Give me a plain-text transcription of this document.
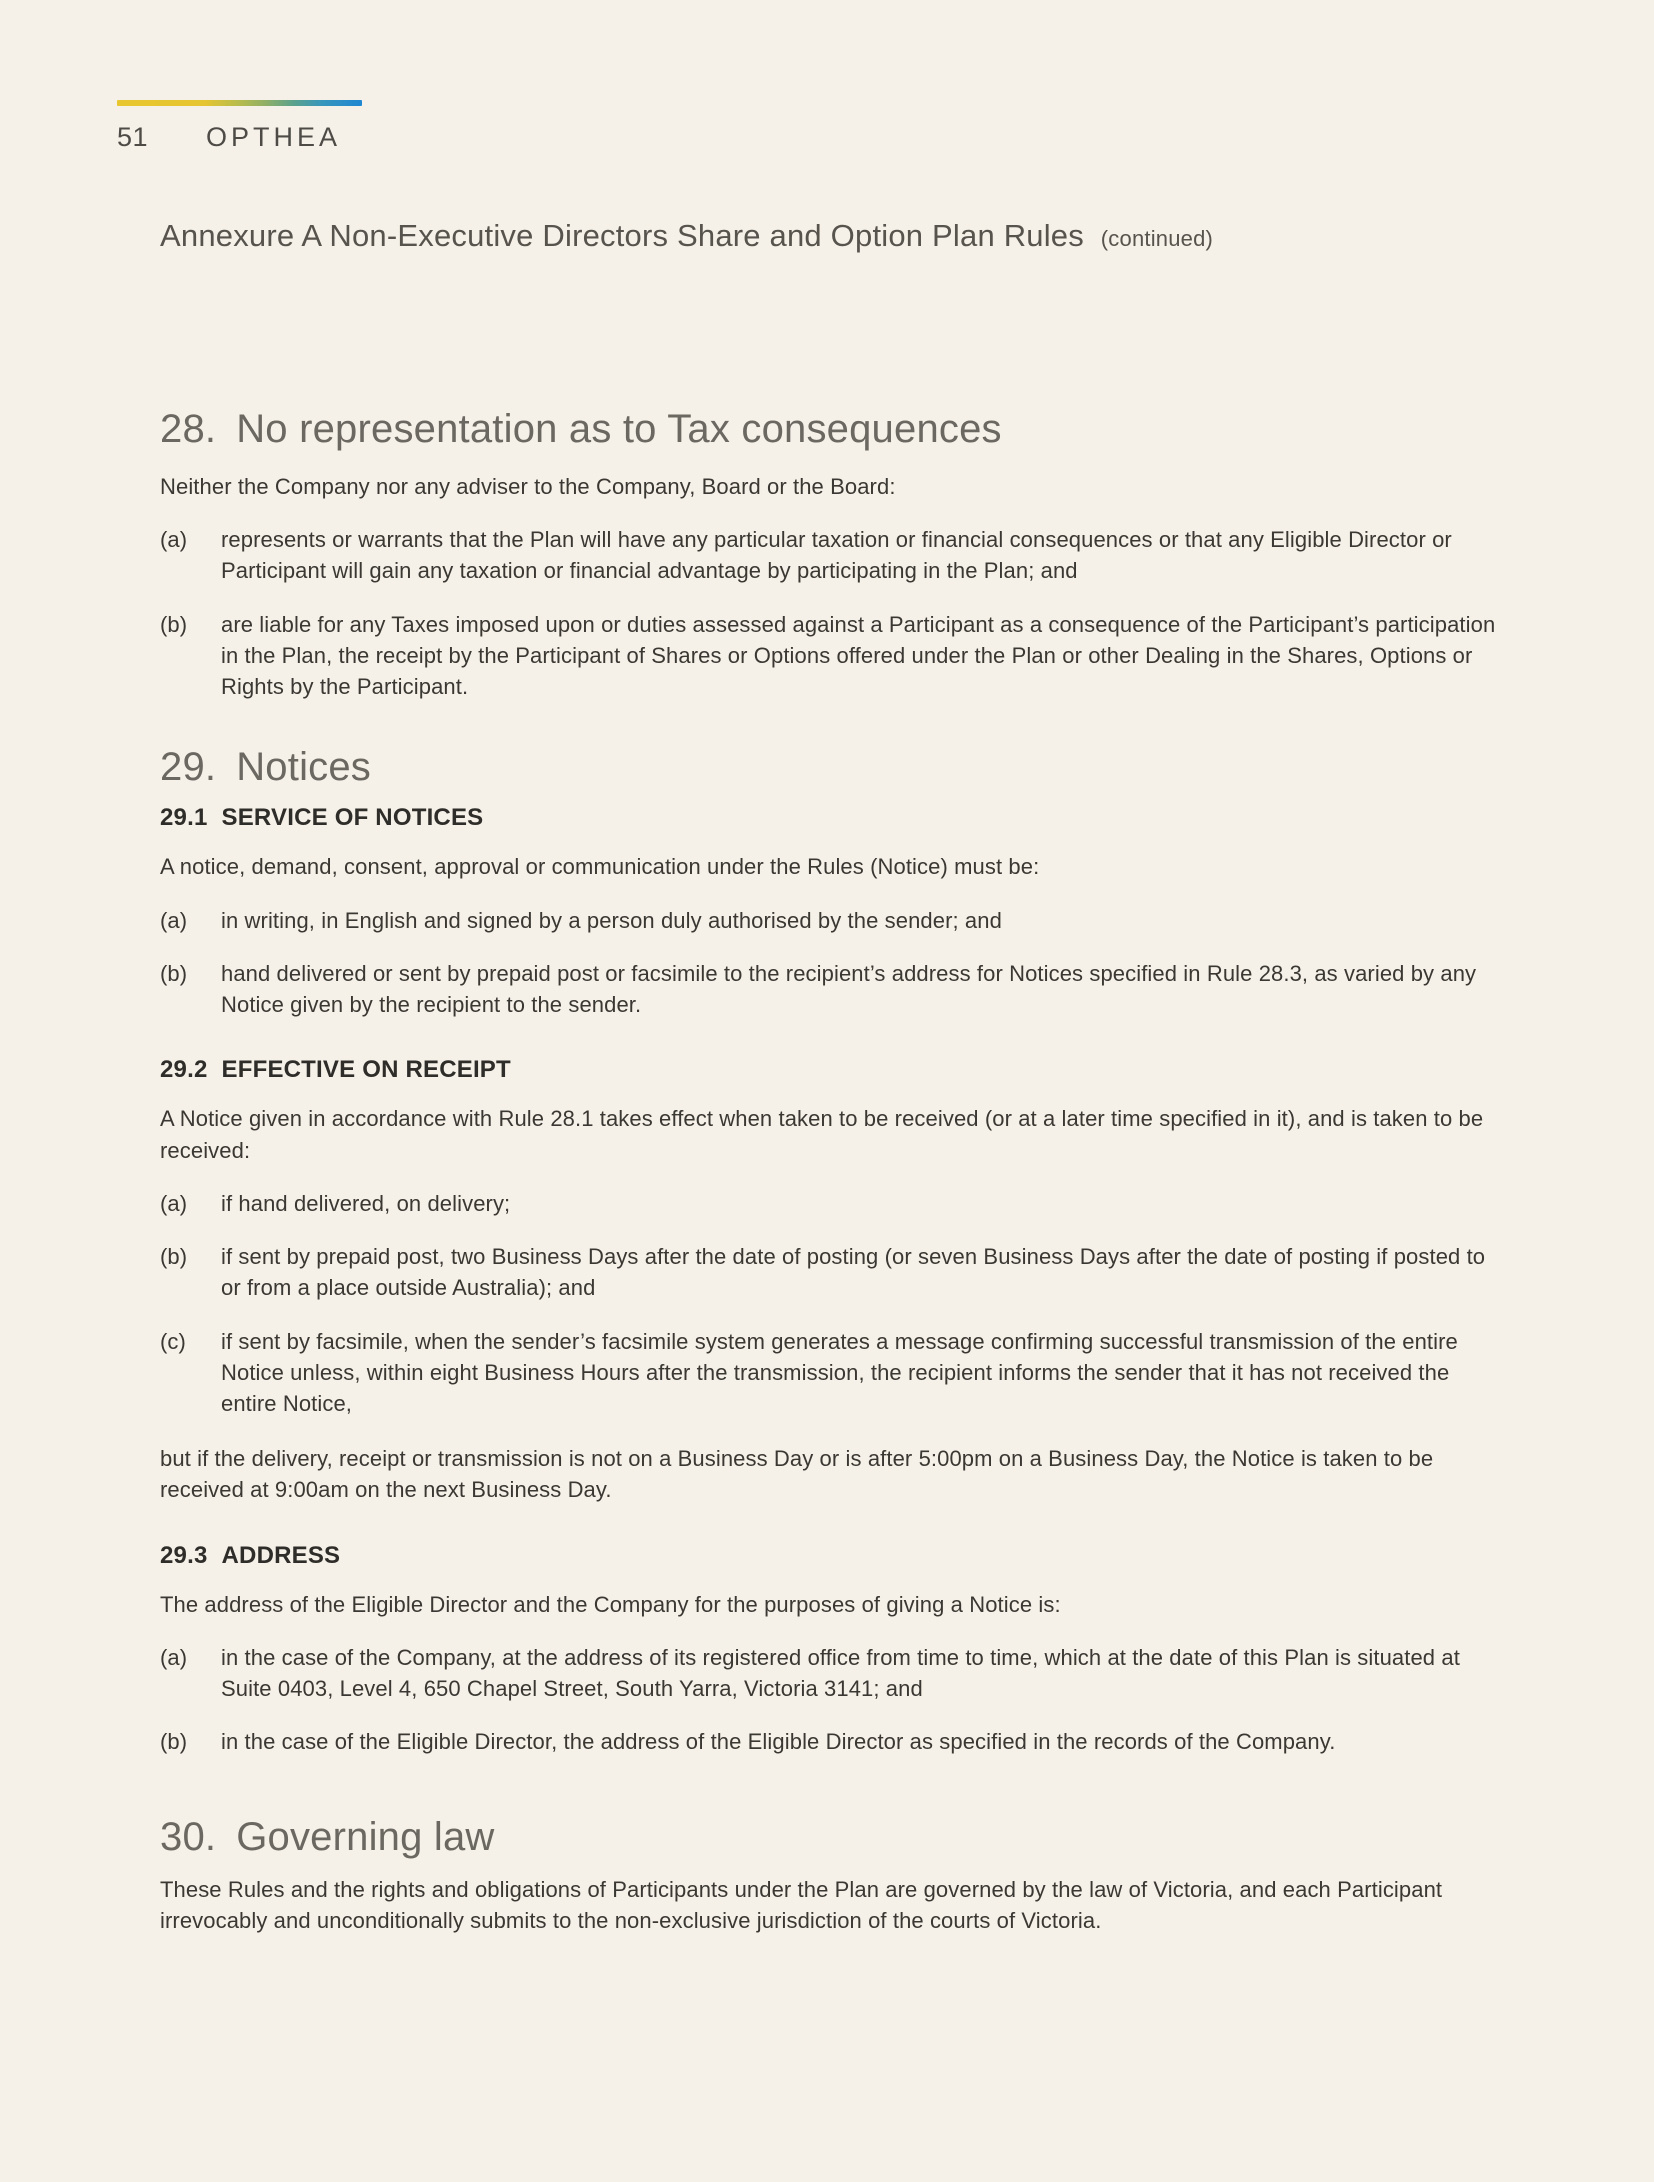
51 OPTHEA
Annexure A Non-Executive Directors Share and Option Plan Rules (continued)
28. No representation as to Tax consequences

Neither the Company nor any adviser to the Company, Board or the Board:

(a)	represents or warrants that the Plan will have any particular taxation or financial consequences or that any Eligible Director or Participant will gain any taxation or financial advantage by participating in the Plan; and
(b)	are liable for any Taxes imposed upon or duties assessed against a Participant as a consequence of the Participant’s participation in the Plan, the receipt by the Participant of Shares or Options offered under the Plan or other Dealing in the Shares, Options or Rights by the Participant.
29. Notices
29.1 SERVICE OF NOTICES

A notice, demand, consent, approval or communication under the Rules (Notice) must be:

(a)	in writing, in English and signed by a person duly authorised by the sender; and
(b)	hand delivered or sent by prepaid post or facsimile to the recipient’s address for Notices specified in Rule 28.3, as varied by any Notice given by the recipient to the sender.
29.2 EFFECTIVE ON RECEIPT

A Notice given in accordance with Rule 28.1 takes effect when taken to be received (or at a later time specified in it), and is taken to be received:

(a)	if hand delivered, on delivery;
(b)	if sent by prepaid post, two Business Days after the date of posting (or seven Business Days after the date of posting if posted to or from a place outside Australia); and
(c)	if sent by facsimile, when the sender’s facsimile system generates a message confirming successful transmission of the entire Notice unless, within eight Business Hours after the transmission, the recipient informs the sender that it has not received the entire Notice,

but if the delivery, receipt or transmission is not on a Business Day or is after 5:00pm on a Business Day, the Notice is taken to be received at 9:00am on the next Business Day.

29.3 ADDRESS

The address of the Eligible Director and the Company for the purposes of giving a Notice is:

(a)	in the case of the Company, at the address of its registered office from time to time, which at the date of this Plan is situated at Suite 0403, Level 4, 650 Chapel Street, South Yarra, Victoria 3141; and
(b)	in the case of the Eligible Director, the address of the Eligible Director as specified in the records of the Company.
30. Governing law

These Rules and the rights and obligations of Participants under the Plan are governed by the law of Victoria, and each Participant irrevocably and unconditionally submits to the non-exclusive jurisdiction of the courts of Victoria.
